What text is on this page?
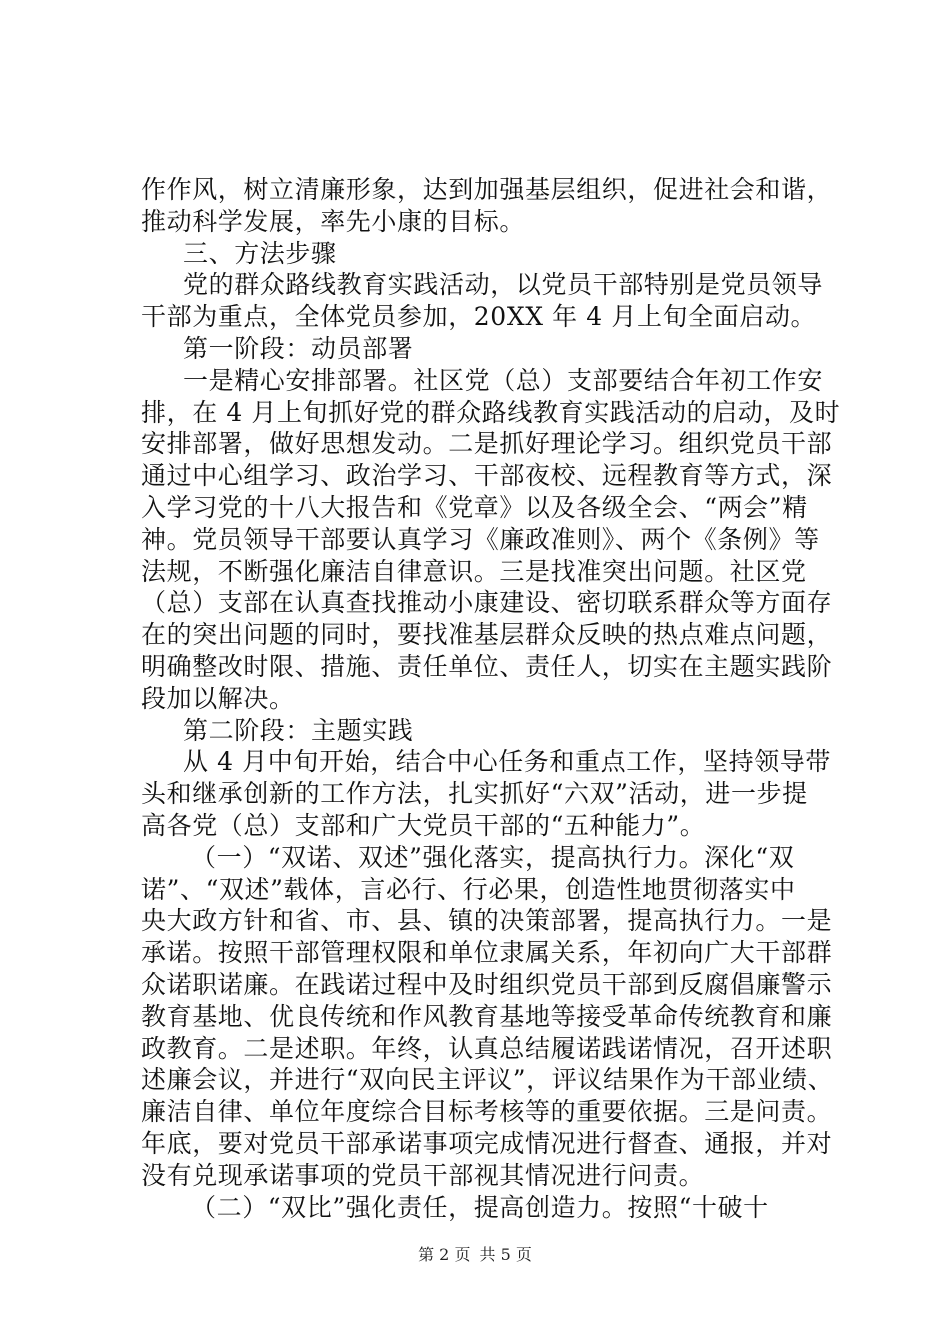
作作风，树立清廉形象，达到加强基层组织，促进社会和谐，
推动科学发展，率先小康的目标。
三、方法步骤
党的群众路线教育实践活动，以党员干部特别是党员领导
干部为重点，全体党员参加，20XX 年 4 月上旬全面启动。
第一阶段：动员部署
一是精心安排部署。社区党（总）支部要结合年初工作安
排，在 4 月上旬抓好党的群众路线教育实践活动的启动，及时
安排部署，做好思想发动。二是抓好理论学习。组织党员干部
通过中心组学习、政治学习、干部夜校、远程教育等方式，深
入学习党的十八大报告和《党章》以及各级全会、“两会”精
神。党员领导干部要认真学习《廉政准则》、两个《条例》等
法规，不断强化廉洁自律意识。三是找准突出问题。社区党
（总）支部在认真查找推动小康建设、密切联系群众等方面存
在的突出问题的同时，要找准基层群众反映的热点难点问题，
明确整改时限、措施、责任单位、责任人，切实在主题实践阶
段加以解决。
第二阶段：主题实践
从 4 月中旬开始，结合中心任务和重点工作，坚持领导带
头和继承创新的工作方法，扎实抓好“六双”活动，进一步提
高各党（总）支部和广大党员干部的“五种能力”。
（一）“双诺、双述”强化落实，提高执行力。深化“双
诺”、“双述”载体，言必行、行必果，创造性地贯彻落实中
央大政方针和省、市、县、镇的决策部署，提高执行力。一是
承诺。按照干部管理权限和单位隶属关系，年初向广大干部群
众诺职诺廉。在践诺过程中及时组织党员干部到反腐倡廉警示
教育基地、优良传统和作风教育基地等接受革命传统教育和廉
政教育。二是述职。年终，认真总结履诺践诺情况，召开述职
述廉会议，并进行“双向民主评议”，评议结果作为干部业绩、
廉洁自律、单位年度综合目标考核等的重要依据。三是问责。
年底，要对党员干部承诺事项完成情况进行督查、通报，并对
没有兑现承诺事项的党员干部视其情况进行问责。
（二）“双比”强化责任，提高创造力。按照“十破十
第 2 页 共 5 页
